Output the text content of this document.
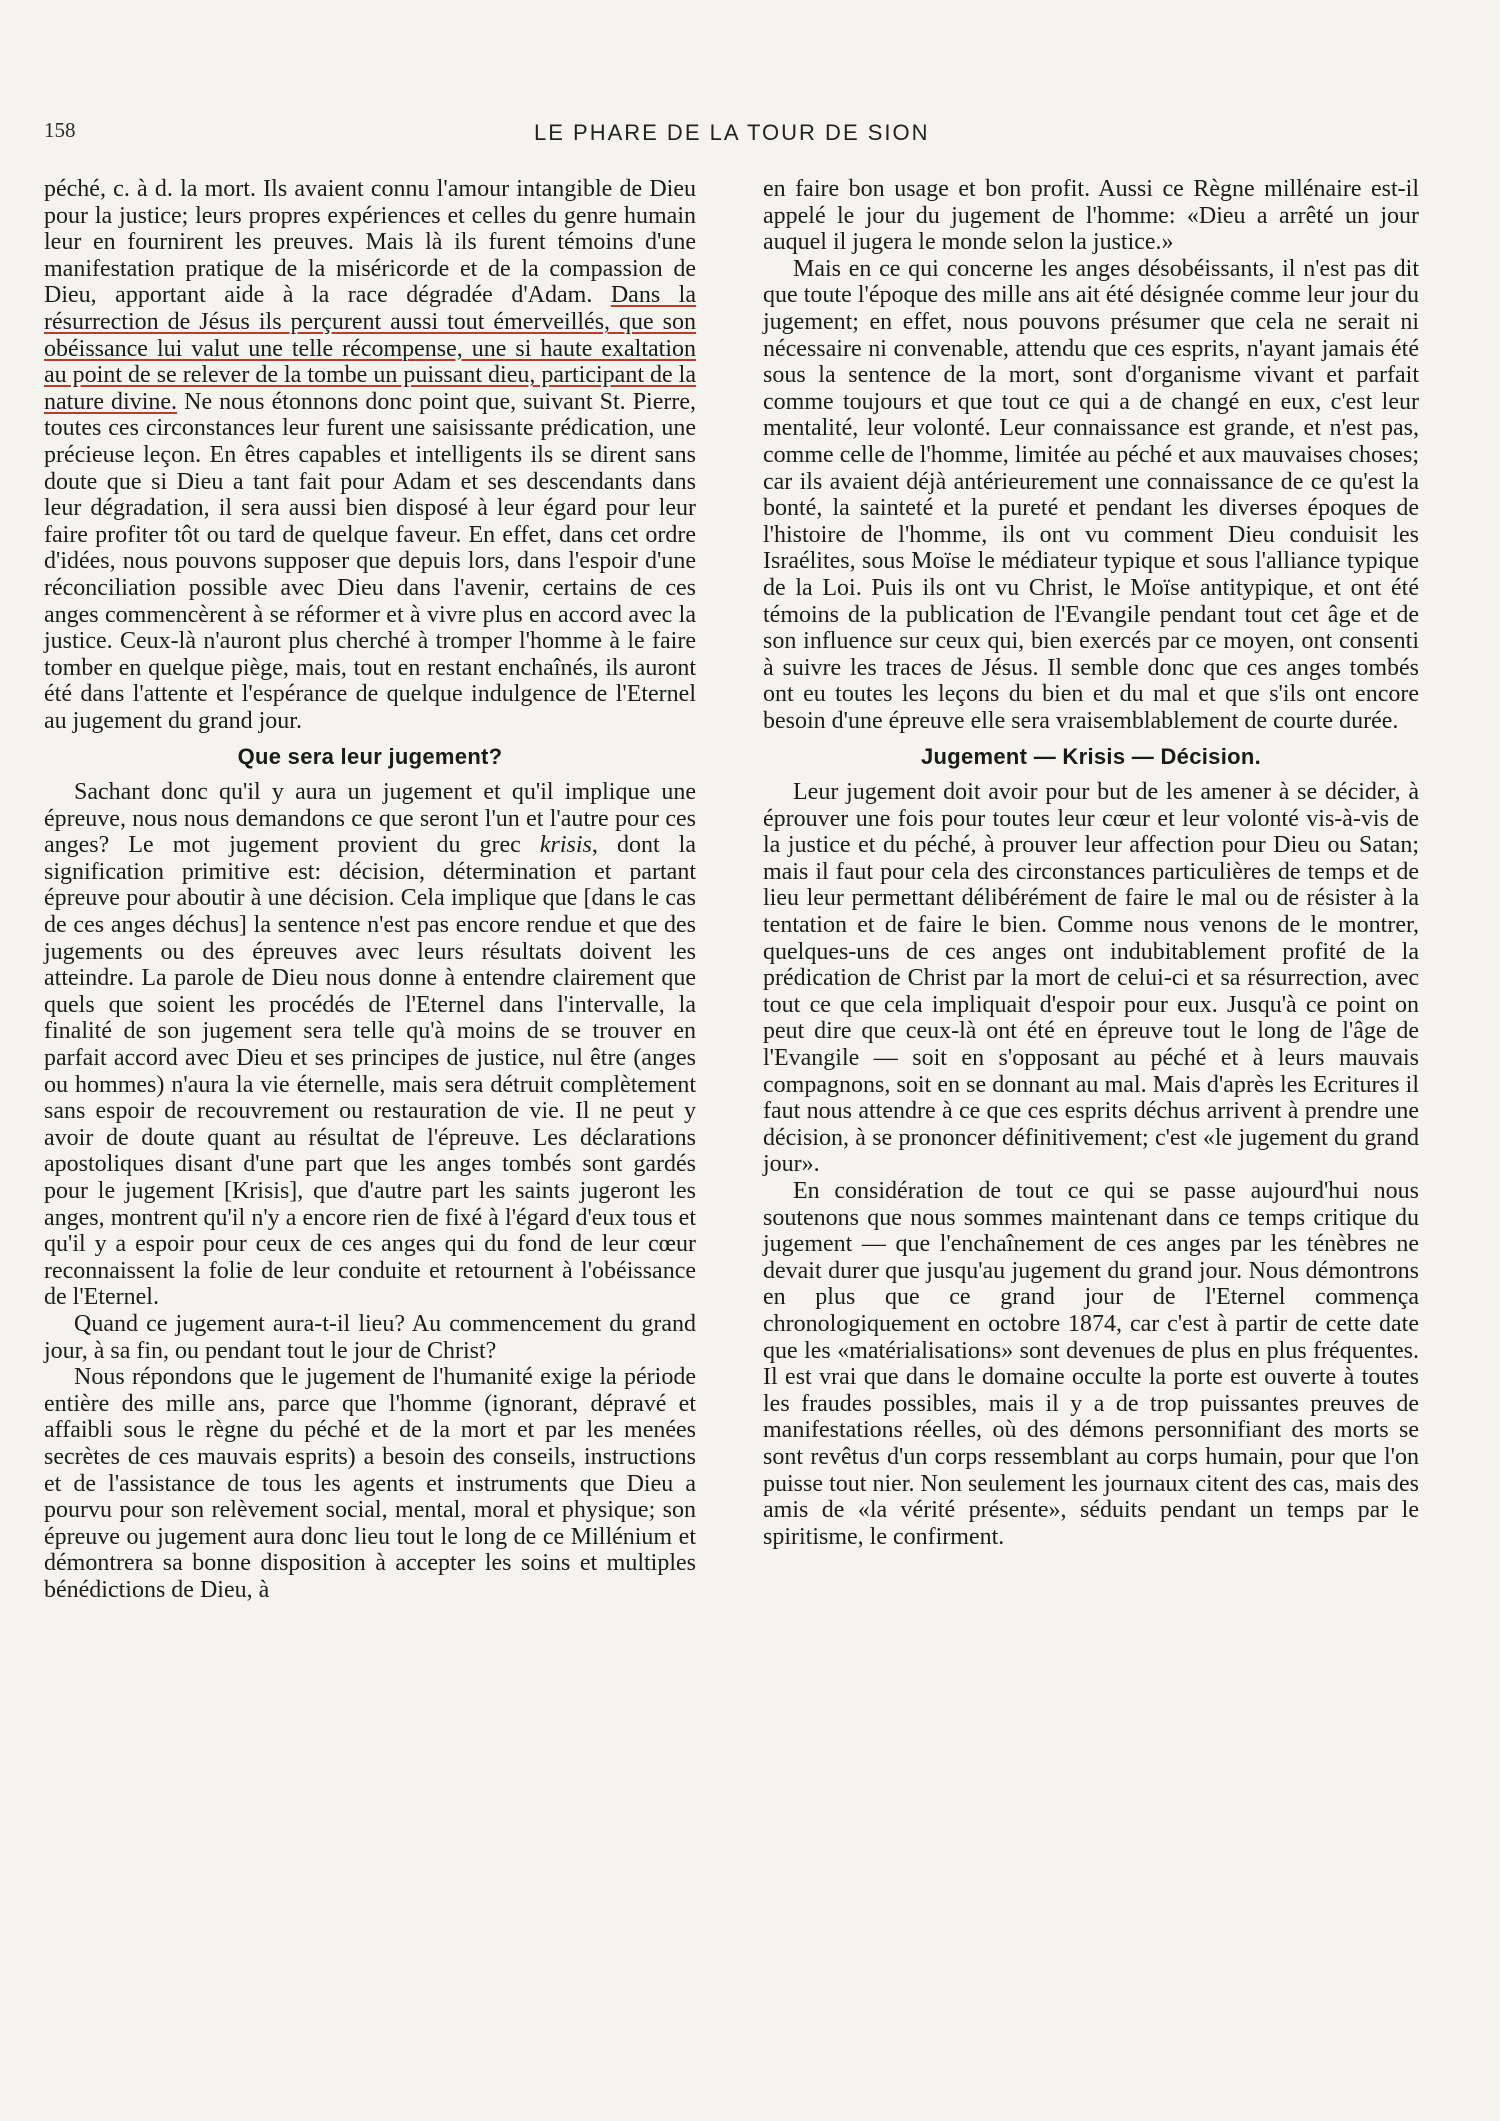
158	LE PHARE DE LA TOUR DE SION

péché, c. à d. la mort. Ils avaient connu l'amour intangible de Dieu pour la justice; leurs propres expériences et celles du genre humain leur en fournirent les preuves. Mais là ils furent témoins d'une manifestation pratique de la miséricorde et de la compassion de Dieu, apportant aide à la race dégradée d'Adam. Dans la résurrection de Jésus ils perçurent aussi tout émerveillés, que son obéissance lui valut une telle récompense, une si haute exaltation au point de se relever de la tombe un puissant dieu, participant de la nature divine. Ne nous étonnons donc point que, suivant St. Pierre, toutes ces circonstances leur furent une saisissante prédication, une précieuse leçon. En êtres capables et intelligents ils se dirent sans doute que si Dieu a tant fait pour Adam et ses descendants dans leur dégradation, il sera aussi bien disposé à leur égard pour leur faire profiter tôt ou tard de quelque faveur. En effet, dans cet ordre d'idées, nous pouvons supposer que depuis lors, dans l'espoir d'une réconciliation possible avec Dieu dans l'avenir, certains de ces anges commencèrent à se réformer et à vivre plus en accord avec la justice. Ceux-là n'auront plus cherché à tromper l'homme à le faire tomber en quelque piège, mais, tout en restant enchaînés, ils auront été dans l'attente et l'espérance de quelque indulgence de l'Eternel au jugement du grand jour.

Que sera leur jugement?

Sachant donc qu'il y aura un jugement et qu'il implique une épreuve, nous nous demandons ce que seront l'un et l'autre pour ces anges? Le mot jugement provient du grec krisis, dont la signification primitive est: décision, détermination et partant épreuve pour aboutir à une décision. Cela implique que [dans le cas de ces anges déchus] la sentence n'est pas encore rendue et que des jugements ou des épreuves avec leurs résultats doivent les atteindre. La parole de Dieu nous donne à entendre clairement que quels que soient les procédés de l'Eternel dans l'intervalle, la finalité de son jugement sera telle qu'à moins de se trouver en parfait accord avec Dieu et ses principes de justice, nul être (anges ou hommes) n'aura la vie éternelle, mais sera détruit complètement sans espoir de recouvrement ou restauration de vie. Il ne peut y avoir de doute quant au résultat de l'épreuve. Les déclarations apostoliques disant d'une part que les anges tombés sont gardés pour le jugement [Krisis], que d'autre part les saints jugeront les anges, montrent qu'il n'y a encore rien de fixé à l'égard d'eux tous et qu'il y a espoir pour ceux de ces anges qui du fond de leur cœur reconnaissent la folie de leur conduite et retournent à l'obéissance de l'Eternel.

Quand ce jugement aura-t-il lieu? Au commencement du grand jour, à sa fin, ou pendant tout le jour de Christ?

Nous répondons que le jugement de l'humanité exige la période entière des mille ans, parce que l'homme (ignorant, dépravé et affaibli sous le règne du péché et de la mort et par les menées secrètes de ces mauvais esprits) a besoin des conseils, instructions et de l'assistance de tous les agents et instruments que Dieu a pourvu pour son relèvement social, mental, moral et physique; son épreuve ou jugement aura donc lieu tout le long de ce Millénium et démontrera sa bonne disposition à accepter les soins et multiples bénédictions de Dieu, à

en faire bon usage et bon profit. Aussi ce Règne millénaire est-il appelé le jour du jugement de l'homme: «Dieu a arrêté un jour auquel il jugera le monde selon la justice.»

Mais en ce qui concerne les anges désobéissants, il n'est pas dit que toute l'époque des mille ans ait été désignée comme leur jour du jugement; en effet, nous pouvons présumer que cela ne serait ni nécessaire ni convenable, attendu que ces esprits, n'ayant jamais été sous la sentence de la mort, sont d'organisme vivant et parfait comme toujours et que tout ce qui a de changé en eux, c'est leur mentalité, leur volonté. Leur connaissance est grande, et n'est pas, comme celle de l'homme, limitée au péché et aux mauvaises choses; car ils avaient déjà antérieurement une connaissance de ce qu'est la bonté, la sainteté et la pureté et pendant les diverses époques de l'histoire de l'homme, ils ont vu comment Dieu conduisit les Israélites, sous Moïse le médiateur typique et sous l'alliance typique de la Loi. Puis ils ont vu Christ, le Moïse antitypique, et ont été témoins de la publication de l'Evangile pendant tout cet âge et de son influence sur ceux qui, bien exercés par ce moyen, ont consenti à suivre les traces de Jésus. Il semble donc que ces anges tombés ont eu toutes les leçons du bien et du mal et que s'ils ont encore besoin d'une épreuve elle sera vraisemblablement de courte durée.

Jugement — Krisis — Décision.

Leur jugement doit avoir pour but de les amener à se décider, à éprouver une fois pour toutes leur cœur et leur volonté vis-à-vis de la justice et du péché, à prouver leur affection pour Dieu ou Satan; mais il faut pour cela des circonstances particulières de temps et de lieu leur permettant délibérément de faire le mal ou de résister à la tentation et de faire le bien. Comme nous venons de le montrer, quelques-uns de ces anges ont indubitablement profité de la prédication de Christ par la mort de celui-ci et sa résurrection, avec tout ce que cela impliquait d'espoir pour eux. Jusqu'à ce point on peut dire que ceux-là ont été en épreuve tout le long de l'âge de l'Evangile — soit en s'opposant au péché et à leurs mauvais compagnons, soit en se donnant au mal. Mais d'après les Ecritures il faut nous attendre à ce que ces esprits déchus arrivent à prendre une décision, à se prononcer définitivement; c'est «le jugement du grand jour».

En considération de tout ce qui se passe aujourd'hui nous soutenons que nous sommes maintenant dans ce temps critique du jugement — que l'enchaînement de ces anges par les ténèbres ne devait durer que jusqu'au jugement du grand jour. Nous démontrons en plus que ce grand jour de l'Eternel commença chronologiquement en octobre 1874, car c'est à partir de cette date que les «matérialisations» sont devenues de plus en plus fréquentes. Il est vrai que dans le domaine occulte la porte est ouverte à toutes les fraudes possibles, mais il y a de trop puissantes preuves de manifestations réelles, où des démons personnifiant des morts se sont revêtus d'un corps ressemblant au corps humain, pour que l'on puisse tout nier. Non seulement les journaux citent des cas, mais des amis de «la vérité présente», séduits pendant un temps par le spiritisme, le confirment.
